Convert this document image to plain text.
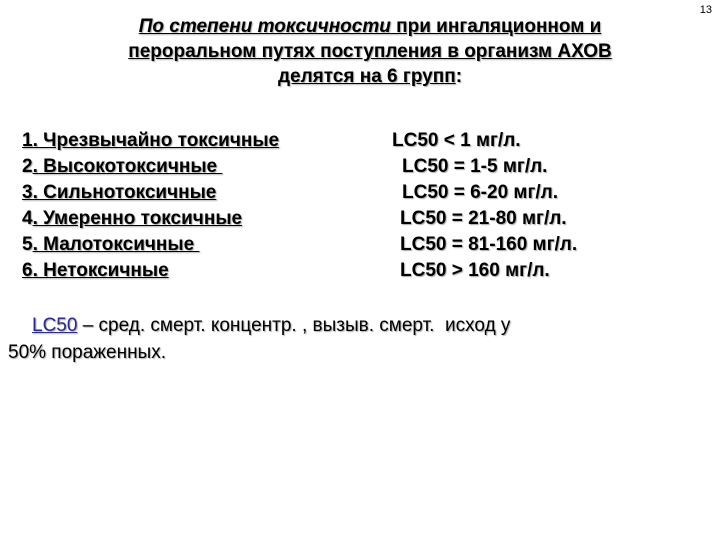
13
По степени токсичности при ингаляционном и
пероральном путях поступления в организм АХОВ
делятся на 6 групп:
1. Чрезвычайно токсичные	LC50 < 1 мг/л.
2. Высокотоксичные	LC50 = 1-5 мг/л.
3. Сильнотоксичные	LC50 = 6-20 мг/л.
4. Умеренно токсичные	LC50 = 21-80 мг/л.
5. Малотоксичные	LC50 = 81-160 мг/л.
6. Нетоксичные	LC50 > 160 мг/л.
LC50 – сред. смерт. концентр. , вызыв. смерт.  исход у
50% пораженных.
